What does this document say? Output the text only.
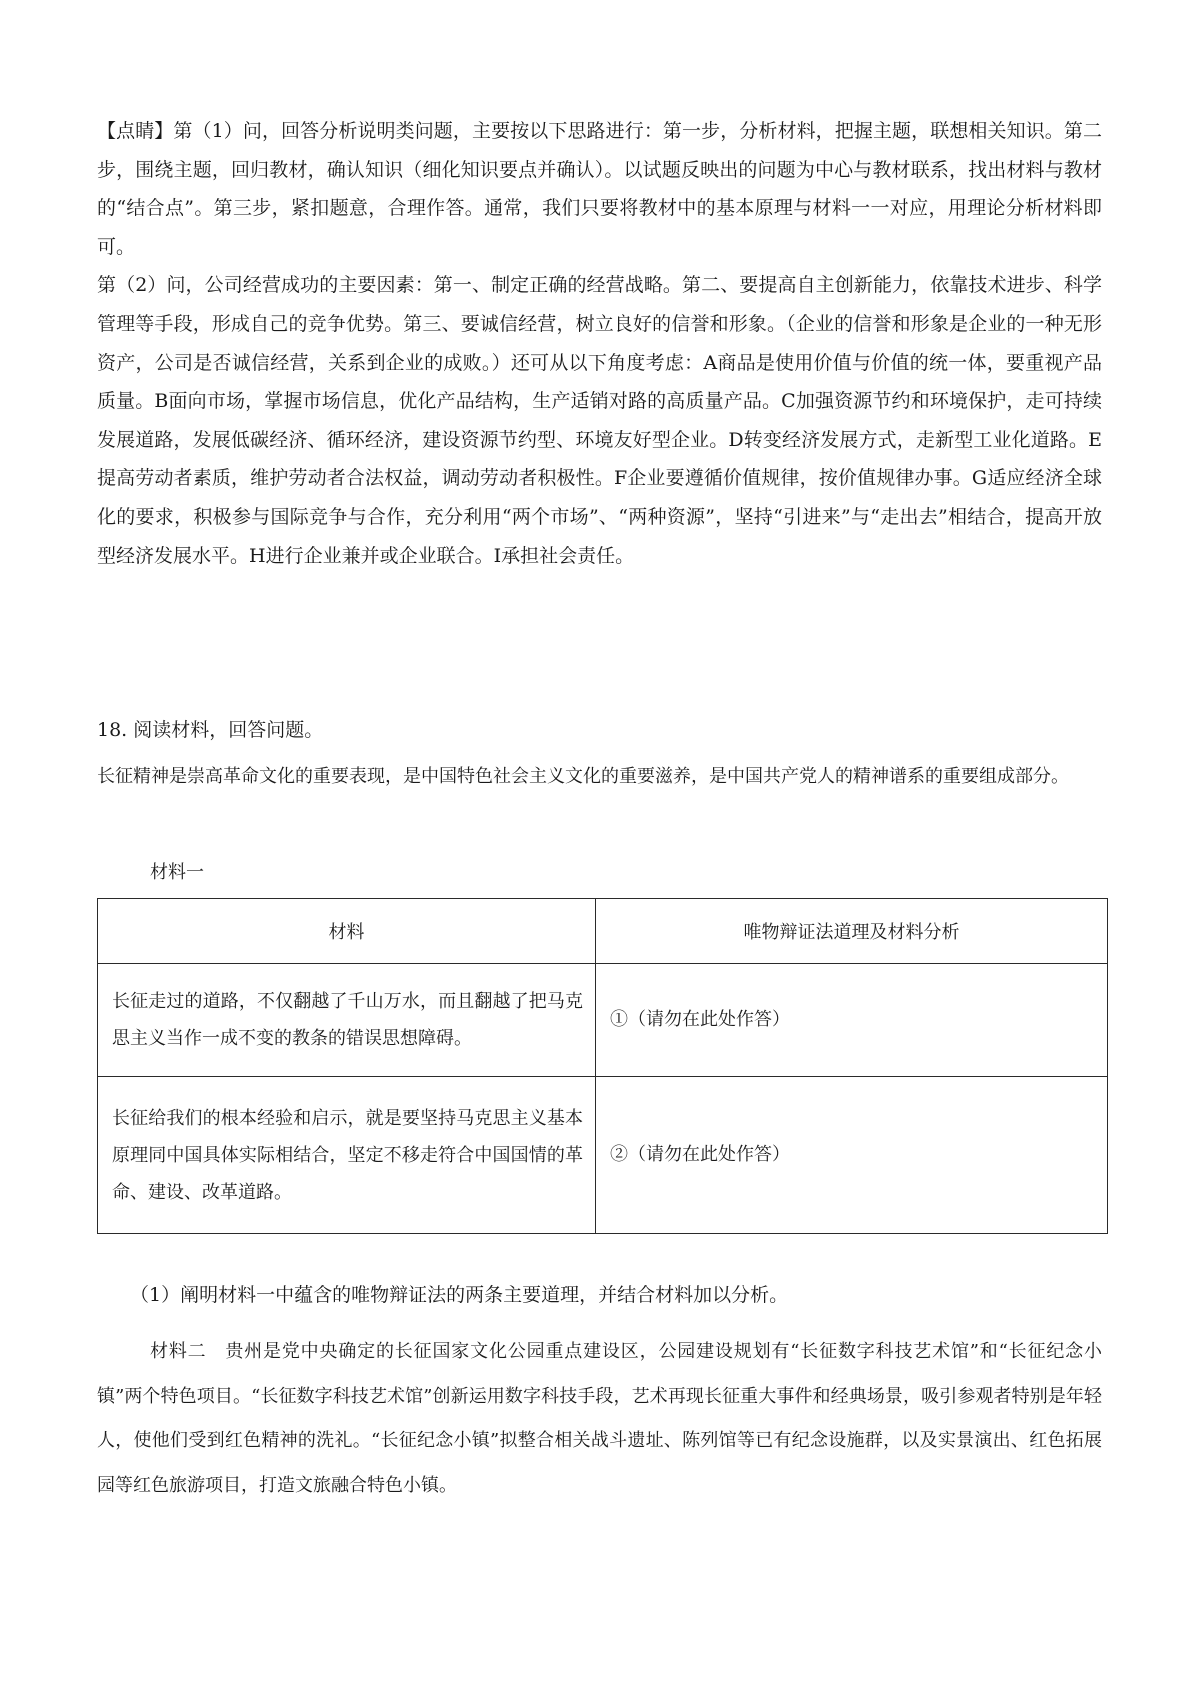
【点睛】第（1）问，回答分析说明类问题，主要按以下思路进行：第一步，分析材料，把握主题，联想相关知识。第二步，围绕主题，回归教材，确认知识（细化知识要点并确认）。以试题反映出的问题为中心与教材联系，找出材料与教材的“结合点”。第三步，紧扣题意，合理作答。通常，我们只要将教材中的基本原理与材料一一对应，用理论分析材料即可。

第（2）问，公司经营成功的主要因素：第一、制定正确的经营战略。第二、要提高自主创新能力，依靠技术进步、科学管理等手段，形成自己的竞争优势。第三、要诚信经营，树立良好的信誉和形象。（企业的信誉和形象是企业的一种无形资产，公司是否诚信经营，关系到企业的成败。）还可从以下角度考虑：A商品是使用价值与价值的统一体，要重视产品质量。B面向市场，掌握市场信息，优化产品结构，生产适销对路的高质量产品。C加强资源节约和环境保护，走可持续发展道路，发展低碳经济、循环经济，建设资源节约型、环境友好型企业。D转变经济发展方式，走新型工业化道路。E提高劳动者素质，维护劳动者合法权益，调动劳动者积极性。F企业要遵循价值规律，按价值规律办事。G适应经济全球化的要求，积极参与国际竞争与合作，充分利用“两个市场”、“两种资源”，坚持“引进来”与“走出去”相结合，提高开放型经济发展水平。H进行企业兼并或企业联合。I承担社会责任。

18. 阅读材料，回答问题。

长征精神是崇高革命文化的重要表现，是中国特色社会主义文化的重要滋养，是中国共产党人的精神谱系的重要组成部分。

材料一

材料	唯物辩证法道理及材料分析

长征走过的道路，不仅翻越了千山万水，而且翻越了把马克思主义当作一成不变的教条的错误思想障碍。	①（请勿在此处作答）

长征给我们的根本经验和启示，就是要坚持马克思主义基本原理同中国具体实际相结合，坚定不移走符合中国国情的革命、建设、改革道路。	②（请勿在此处作答）

（1）阐明材料一中蕴含的唯物辩证法的两条主要道理，并结合材料加以分析。

材料二　贵州是党中央确定的长征国家文化公园重点建设区，公园建设规划有“长征数字科技艺术馆”和“长征纪念小镇”两个特色项目。“长征数字科技艺术馆”创新运用数字科技手段，艺术再现长征重大事件和经典场景，吸引参观者特别是年轻人，使他们受到红色精神的洗礼。“长征纪念小镇”拟整合相关战斗遗址、陈列馆等已有纪念设施群，以及实景演出、红色拓展园等红色旅游项目，打造文旅融合特色小镇。
